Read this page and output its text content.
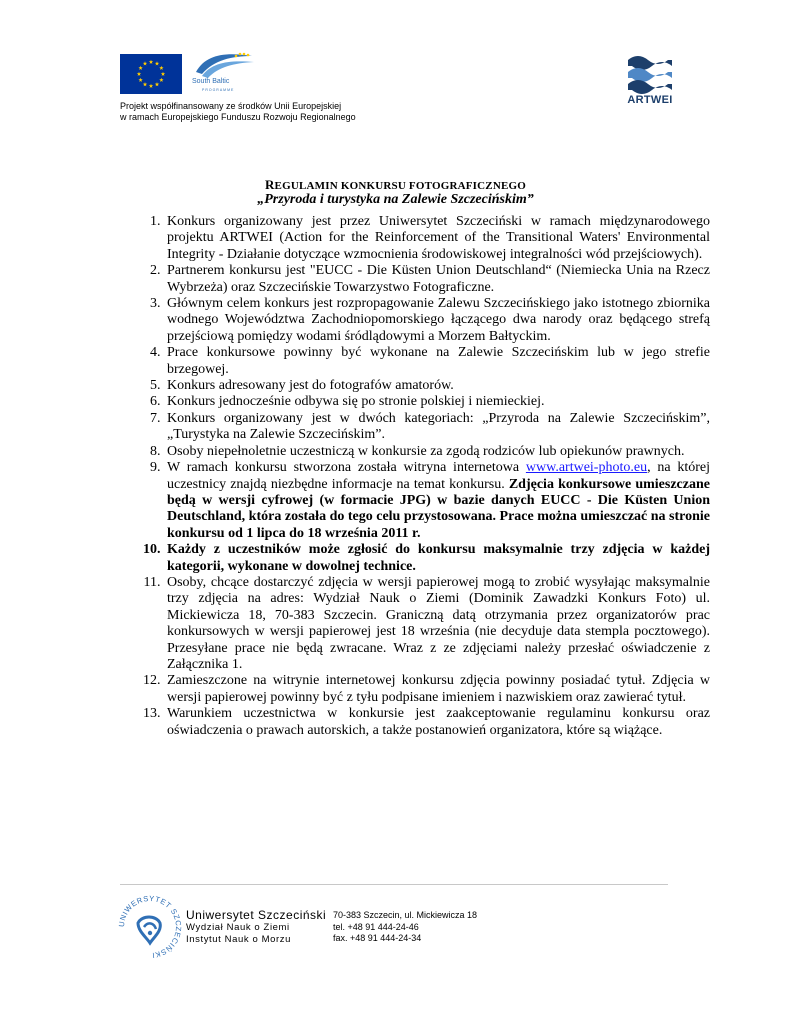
South Baltic
PROGRAMME
Projekt współfinansowany ze środków Unii Europejskiej
w ramach Europejskiego Funduszu Rozwoju Regionalnego
ARTWEI
REGULAMIN KONKURSU FOTOGRAFICZNEGO
„Przyroda i turystyka na Zalewie Szczecińskim”
1. Konkurs organizowany jest przez Uniwersytet Szczeciński w ramach międzynarodowego projektu ARTWEI (Action for the Reinforcement of the Transitional Waters' Environmental Integrity - Działanie dotyczące wzmocnienia środowiskowej integralności wód przejściowych).
2. Partnerem konkursu jest "EUCC - Die Küsten Union Deutschland“ (Niemiecka Unia na Rzecz Wybrzeża) oraz Szczecińskie Towarzystwo Fotograficzne.
3. Głównym celem konkurs jest rozpropagowanie Zalewu Szczecińskiego jako istotnego zbiornika wodnego Województwa Zachodniopomorskiego łączącego dwa narody oraz będącego strefą przejściową pomiędzy wodami śródlądowymi a Morzem Bałtyckim.
4. Prace konkursowe powinny być wykonane na Zalewie Szczecińskim lub w jego strefie brzegowej.
5. Konkurs adresowany jest do fotografów amatorów.
6. Konkurs jednocześnie odbywa się po stronie polskiej i niemieckiej.
7. Konkurs organizowany jest w dwóch kategoriach: „Przyroda na Zalewie Szczecińskim”, „Turystyka na Zalewie Szczecińskim”.
8. Osoby niepełnoletnie uczestniczą w konkursie za zgodą rodziców lub opiekunów prawnych.
9. W ramach konkursu stworzona została witryna internetowa www.artwei-photo.eu, na której uczestnicy znajdą niezbędne informacje na temat konkursu. Zdjęcia konkursowe umieszczane będą w wersji cyfrowej (w formacie JPG) w bazie danych EUCC - Die Küsten Union Deutschland, która została do tego celu przystosowana. Prace można umieszczać na stronie konkursu od 1 lipca do 18 września 2011 r.
10. Każdy z uczestników może zgłosić do konkursu maksymalnie trzy zdjęcia w każdej kategorii, wykonane w dowolnej technice.
11. Osoby, chcące dostarczyć zdjęcia w wersji papierowej mogą to zrobić wysyłając maksymalnie trzy zdjęcia na adres: Wydział Nauk o Ziemi (Dominik Zawadzki Konkurs Foto) ul. Mickiewicza 18, 70-383 Szczecin. Graniczną datą otrzymania przez organizatorów prac konkursowych w wersji papierowej jest 18 września (nie decyduje data stempla pocztowego). Przesyłane prace nie będą zwracane. Wraz z ze zdjęciami należy przesłać oświadczenie z Załącznika 1.
12. Zamieszczone na witrynie internetowej konkursu zdjęcia powinny posiadać tytuł. Zdjęcia w wersji papierowej powinny być z tyłu podpisane imieniem i nazwiskiem oraz zawierać tytuł.
13. Warunkiem uczestnictwa w konkursie jest zaakceptowanie regulaminu konkursu oraz oświadczenia o prawach autorskich, a także postanowień organizatora, które są wiążące.
UNIWERSYTET SZCZECIŃSKI
Uniwersytet Szczeciński
Wydział Nauk o Ziemi
Instytut Nauk o Morzu
70-383 Szczecin, ul. Mickiewicza 18
tel. +48 91 444-24-46
fax. +48 91 444-24-34
